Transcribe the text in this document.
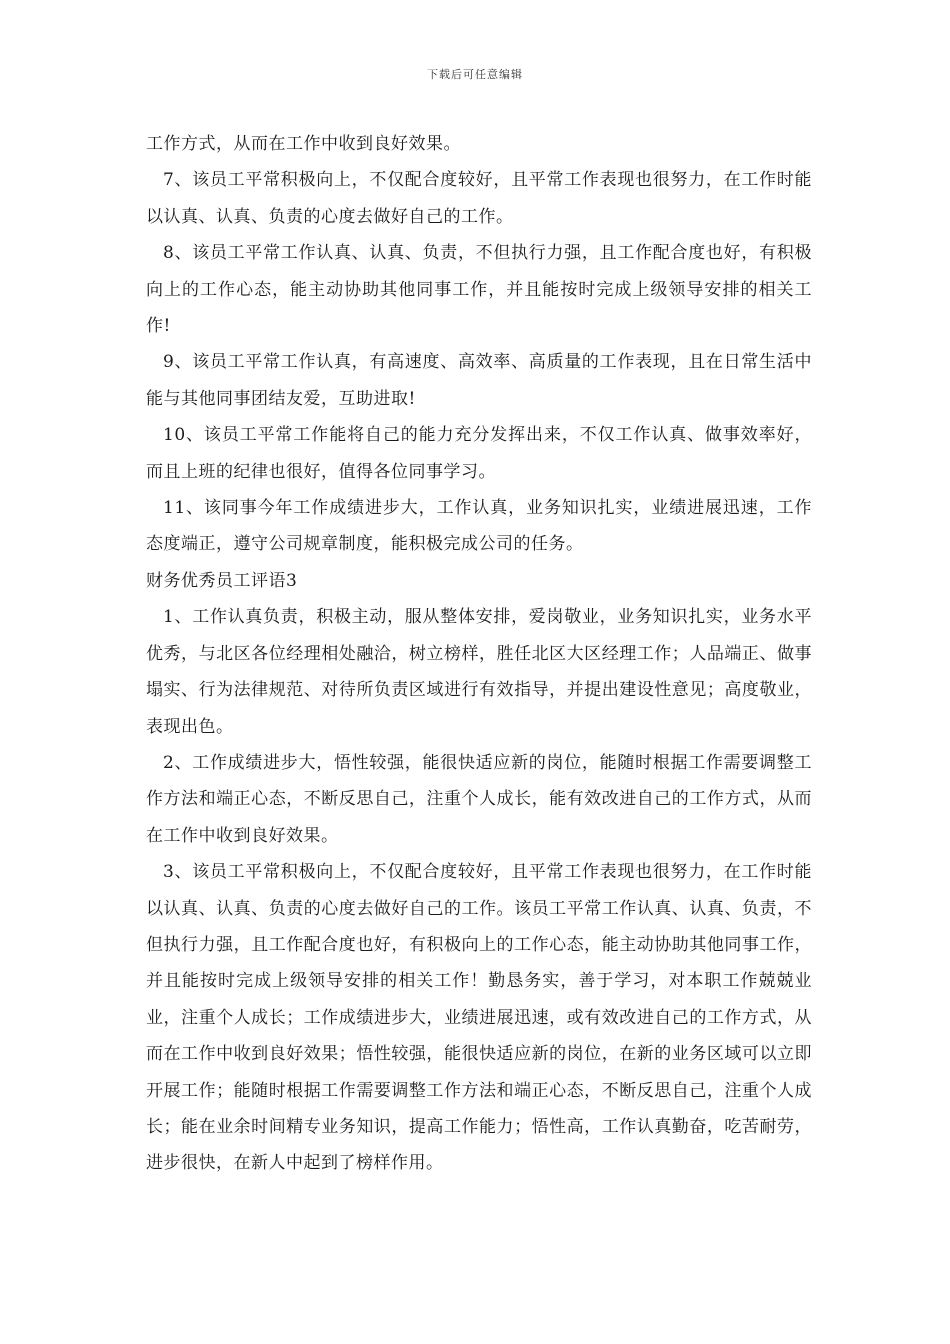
下载后可任意编辑

工作方式，从而在工作中收到良好效果。

7、该员工平常积极向上，不仅配合度较好，且平常工作表现也很努力，在工作时能以认真、认真、负责的心度去做好自己的工作。

8、该员工平常工作认真、认真、负责，不但执行力强，且工作配合度也好，有积极向上的工作心态，能主动协助其他同事工作，并且能按时完成上级领导安排的相关工作!

9、该员工平常工作认真，有高速度、高效率、高质量的工作表现，且在日常生活中能与其他同事团结友爱，互助进取!

10、该员工平常工作能将自己的能力充分发挥出来，不仅工作认真、做事效率好，而且上班的纪律也很好，值得各位同事学习。

11、该同事今年工作成绩进步大，工作认真，业务知识扎实，业绩进展迅速，工作态度端正，遵守公司规章制度，能积极完成公司的任务。

财务优秀员工评语3

1、工作认真负责，积极主动，服从整体安排，爱岗敬业，业务知识扎实，业务水平优秀，与北区各位经理相处融洽，树立榜样，胜任北区大区经理工作；人品端正、做事塌实、行为法律规范、对待所负责区域进行有效指导，并提出建设性意见；高度敬业，表现出色。

2、工作成绩进步大，悟性较强，能很快适应新的岗位，能随时根据工作需要调整工作方法和端正心态，不断反思自己，注重个人成长，能有效改进自己的工作方式，从而在工作中收到良好效果。

3、该员工平常积极向上，不仅配合度较好，且平常工作表现也很努力，在工作时能以认真、认真、负责的心度去做好自己的工作。该员工平常工作认真、认真、负责，不但执行力强，且工作配合度也好，有积极向上的工作心态，能主动协助其他同事工作，并且能按时完成上级领导安排的相关工作！勤恳务实，善于学习，对本职工作兢兢业业，注重个人成长；工作成绩进步大，业绩进展迅速，或有效改进自己的工作方式，从而在工作中收到良好效果；悟性较强，能很快适应新的岗位，在新的业务区域可以立即开展工作；能随时根据工作需要调整工作方法和端正心态，不断反思自己，注重个人成长；能在业余时间精专业务知识，提高工作能力；悟性高，工作认真勤奋，吃苦耐劳，进步很快，在新人中起到了榜样作用。
